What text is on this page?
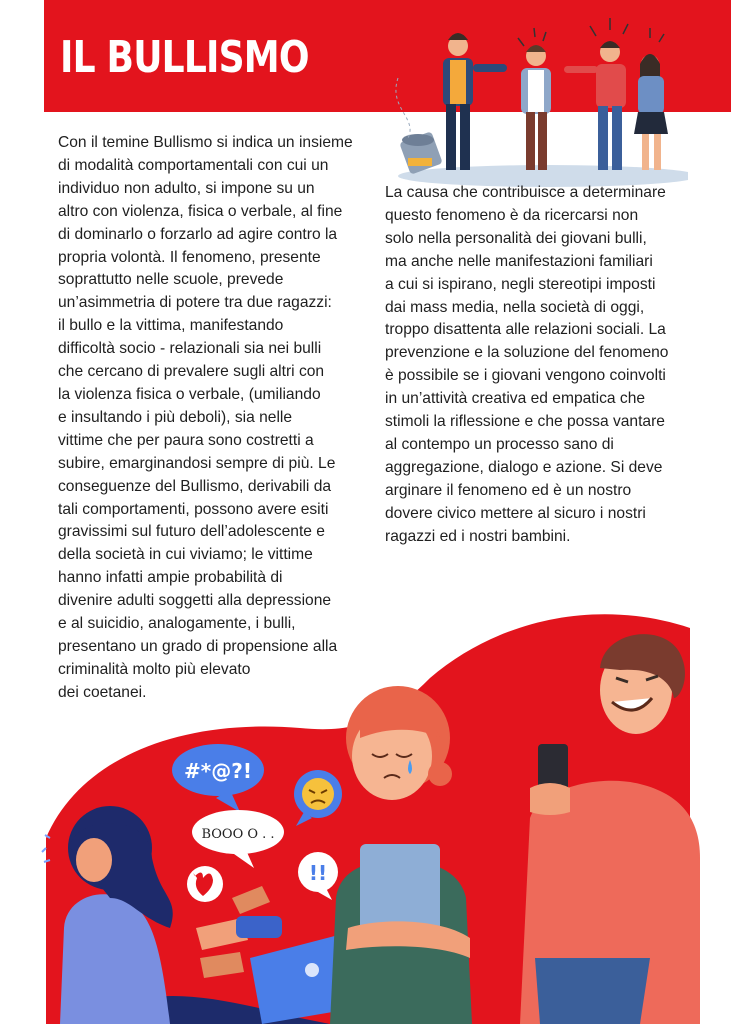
IL BULLISMO
#*@?!
BOOO O . .
!!
Con il temine Bullismo si indica un insieme
di modalità comportamentali con cui un
individuo non adulto, si impone su un
altro con violenza, fisica o verbale, al fine
di dominarlo o forzarlo ad agire contro la
propria volontà. Il fenomeno, presente
soprattutto nelle scuole, prevede
un’asimmetria di potere tra due ragazzi:
il bullo e la vittima, manifestando
difficoltà socio - relazionali sia nei bulli
che cercano di prevalere sugli altri con
la violenza fisica o verbale, (umiliando
e insultando i più deboli), sia nelle
vittime che per paura sono costretti a
subire, emarginandosi sempre di più. Le
conseguenze del Bullismo, derivabili da
tali comportamenti, possono avere esiti
gravissimi sul futuro dell’adolescente e
della società in cui viviamo; le vittime
hanno infatti ampie probabilità di
divenire adulti soggetti alla depressione
e al suicidio, analogamente, i bulli,
presentano un grado di propensione alla
criminalità molto più elevato
dei coetanei.
La causa che contribuisce a determinare
questo fenomeno è da ricercarsi non
solo nella personalità dei giovani bulli,
ma anche nelle manifestazioni familiari
a cui si ispirano, negli stereotipi imposti
dai mass media, nella società di oggi,
troppo disattenta alle relazioni sociali. La
prevenzione e la soluzione del fenomeno
è possibile se i giovani vengono coinvolti
in un’attività creativa ed empatica che
stimoli la riflessione e che possa vantare
al contempo un processo sano di
aggregazione, dialogo e azione. Si deve
arginare il fenomeno ed è un nostro
dovere civico mettere al sicuro i nostri
ragazzi ed i nostri bambini.
